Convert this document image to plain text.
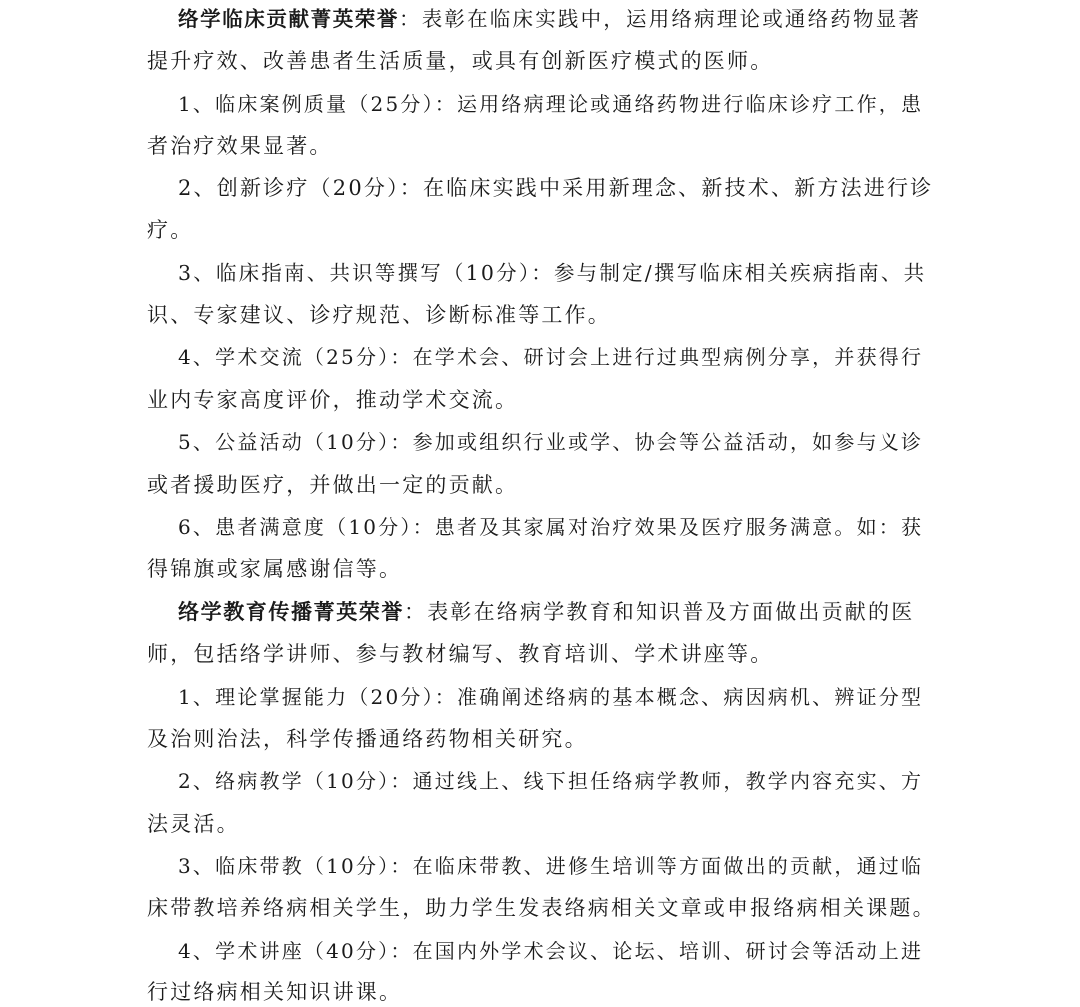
络学临床贡献菁英荣誉：表彰在临床实践中，运用络病理论或通络药物显著
提升疗效、改善患者生活质量，或具有创新医疗模式的医师。
1、临床案例质量（25分）：运用络病理论或通络药物进行临床诊疗工作，患
者治疗效果显著。
2、创新诊疗（20分）：在临床实践中采用新理念、新技术、新方法进行诊
疗。
3、临床指南、共识等撰写（10分）：参与制定/撰写临床相关疾病指南、共
识、专家建议、诊疗规范、诊断标准等工作。
4、学术交流（25分）：在学术会、研讨会上进行过典型病例分享，并获得行
业内专家高度评价，推动学术交流。
5、公益活动（10分）：参加或组织行业或学、协会等公益活动，如参与义诊
或者援助医疗，并做出一定的贡献。
6、患者满意度（10分）：患者及其家属对治疗效果及医疗服务满意。如：获
得锦旗或家属感谢信等。
络学教育传播菁英荣誉：表彰在络病学教育和知识普及方面做出贡献的医
师，包括络学讲师、参与教材编写、教育培训、学术讲座等。
1、理论掌握能力（20分）：准确阐述络病的基本概念、病因病机、辨证分型
及治则治法，科学传播通络药物相关研究。
2、络病教学（10分）：通过线上、线下担任络病学教师，教学内容充实、方
法灵活。
3、临床带教（10分）：在临床带教、进修生培训等方面做出的贡献，通过临
床带教培养络病相关学生，助力学生发表络病相关文章或申报络病相关课题。
4、学术讲座（40分）：在国内外学术会议、论坛、培训、研讨会等活动上进
行过络病相关知识讲课。
